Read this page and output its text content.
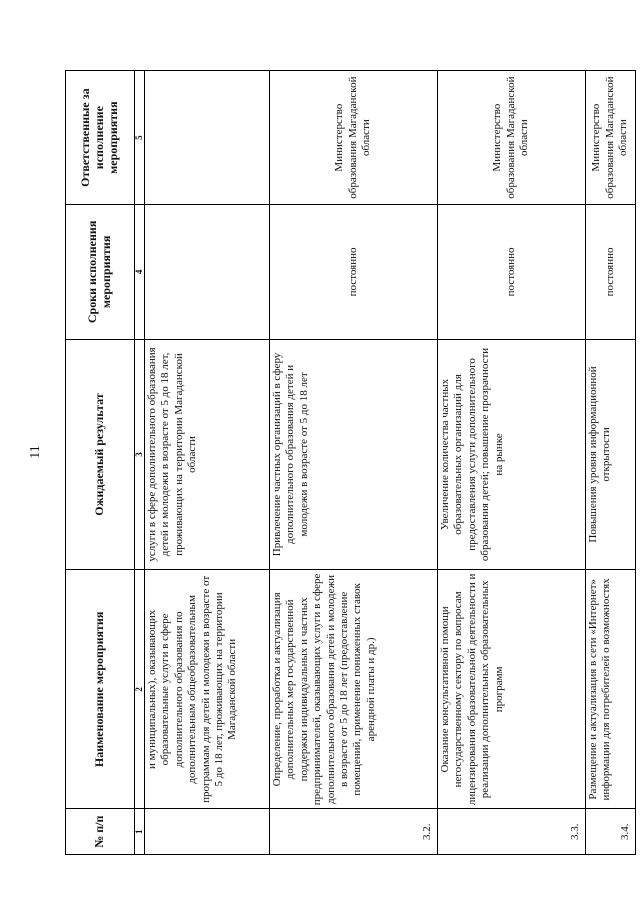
11
№ п/п	Наименование мероприятия	Ожидаемый результат	Сроки исполнения мероприятия	Ответственные за исполнение мероприятия
1	2	3	4	5
	и муниципальных), оказывающих образовательные услуги в сфере дополнительного образования по дополнительным общеобразовательным программам для детей и молодежи в возрасте от 5 до 18 лет, проживающих на территории Магаданской области	услуги в сфере дополнительного образования детей и молодежи в возрасте от 5 до 18 лет, проживающих на территории Магаданской области		
3.2.	Определение, проработка и актуализация дополнительных мер государственной поддержки индивидуальных и частных предпринимателей, оказывающих услуги в сфере дополнительного образования детей и молодежи в возрасте от 5 до 18 лет (предоставление помещений, применение пониженных ставок арендной платы и др.)	Привлечение частных организаций в сферу дополнительного образования детей и молодежи в возрасте от 5 до 18 лет	постоянно	Министерство образования Магаданской области
3.3.	Оказание консультативной помощи негосударственному сектору по вопросам лицензирования образовательной деятельности и реализации дополнительных образовательных программ	Увеличение количества частных образовательных организаций для предоставления услуги дополнительного образования детей; повышение прозрачности на рынке	постоянно	Министерство образования Магаданской области
3.4.	Размещение и актуализация в сети «Интернет» информации для потребителей о возможностях	Повышения уровня информационной открытости	постоянно	Министерство образования Магаданской области
